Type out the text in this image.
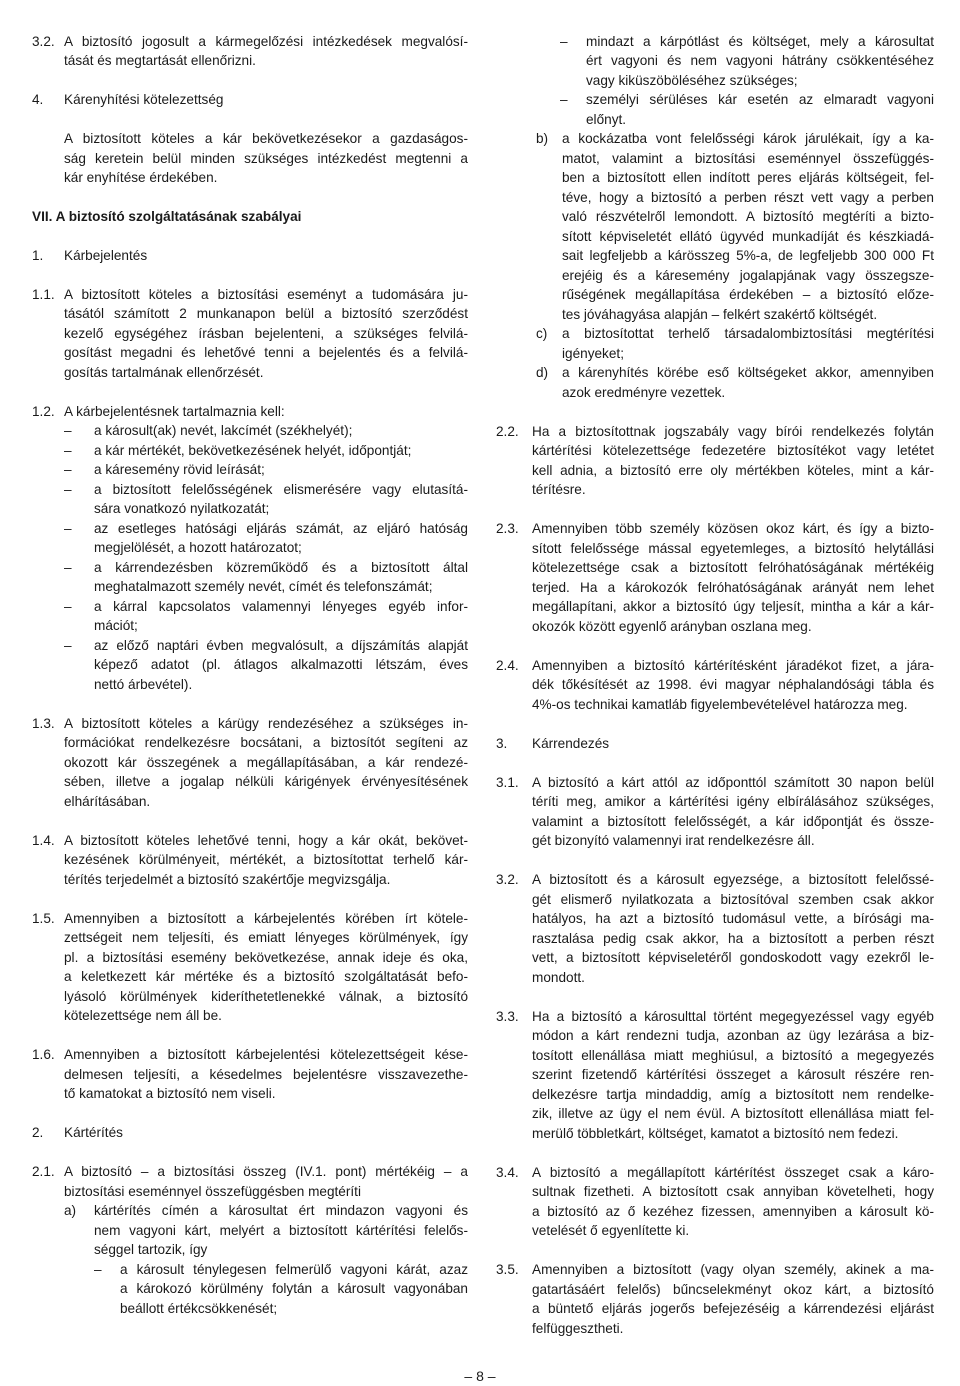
3.2. A biztosító jogosult a kármegelőzési intézkedések megvalósí-
tását és megtartását ellenőrizni.
4. Kárenyhítési kötelezettség
A biztosított köteles a kár bekövetkezésekor a gazdaságos-
ság keretein belül minden szükséges intézkedést megtenni a
kár enyhítése érdekében.
VII. A biztosító szolgáltatásának szabályai
1. Kárbejelentés
1.1. A biztosított köteles a biztosítási eseményt a tudomására ju-
tásától számított 2 munkanapon belül a biztosító szerződést
kezelő egységéhez írásban bejelenteni, a szükséges felvilá-
gosítást megadni és lehetővé tenni a bejelentés és a felvilá-
gosítás tartalmának ellenőrzését.
1.2. A kárbejelentésnek tartalmaznia kell:
– a károsult(ak) nevét, lakcímét (székhelyét);
– a kár mértékét, bekövetkezésének helyét, időpontját;
– a káresemény rövid leírását;
– a biztosított felelősségének elismerésére vagy elutasítá-
sára vonatkozó nyilatkozatát;
– az esetleges hatósági eljárás számát, az eljáró hatóság
megjelölését, a hozott határozatot;
– a kárrendezésben közreműködő és a biztosított által
meghatalmazott személy nevét, címét és telefonszámát;
– a kárral kapcsolatos valamennyi lényeges egyéb infor-
mációt;
– az előző naptári évben megvalósult, a díjszámítás alapját
képező adatot (pl. átlagos alkalmazotti létszám, éves
nettó árbevétel).
1.3. A biztosított köteles a kárügy rendezéséhez a szükséges in-
formációkat rendelkezésre bocsátani, a biztosítót segíteni az
okozott kár összegének a megállapításában, a kár rendezé-
sében, illetve a jogalap nélküli kárigények érvényesítésének
elhárításában.
1.4. A biztosított köteles lehetővé tenni, hogy a kár okát, bekövet-
kezésének körülményeit, mértékét, a biztosítottat terhelő kár-
térítés terjedelmét a biztosító szakértője megvizsgálja.
1.5. Amennyiben a biztosított a kárbejelentés körében írt kötele-
zettségeit nem teljesíti, és emiatt lényeges körülmények, így
pl. a biztosítási esemény bekövetkezése, annak ideje és oka,
a keletkezett kár mértéke és a biztosító szolgáltatását befo-
lyásoló körülmények kideríthetetlenekké válnak, a biztosító
kötelezettsége nem áll be.
1.6. Amennyiben a biztosított kárbejelentési kötelezettségeit kése-
delmesen teljesíti, a késedelmes bejelentésre visszavezethe-
tő kamatokat a biztosító nem viseli.
2. Kártérítés
2.1. A biztosító – a biztosítási összeg (IV.1. pont) mértékéig – a
biztosítási eseménnyel összefüggésben megtéríti
a) kártérítés címén a károsultat ért mindazon vagyoni és
nem vagyoni kárt, melyért a biztosított kártérítési felelős-
séggel tartozik, így
– a károsult ténylegesen felmerülő vagyoni kárát, azaz
a károkozó körülmény folytán a károsult vagyonában
beállott értékcsökkenését;
– mindazt a kárpótlást és költséget, mely a károsultat
ért vagyoni és nem vagyoni hátrány csökkentéséhez
vagy kiküszöböléséhez szükséges;
– személyi sérüléses kár esetén az elmaradt vagyoni
előnyt.
b) a kockázatba vont felelősségi károk járulékait, így a ka-
matot, valamint a biztosítási eseménnyel összefüggés-
ben a biztosított ellen indított peres eljárás költségeit, fel-
téve, hogy a biztosító a perben részt vett vagy a perben
való részvételről lemondott. A biztosító megtéríti a bizto-
sított képviseletét ellátó ügyvéd munkadíját és készkiadá-
sait legfeljebb a kárösszeg 5%-a, de legfeljebb 300 000 Ft
erejéig és a káresemény jogalapjának vagy összegsze-
rűségének megállapítása érdekében – a biztosító előze-
tes jóváhagyása alapján – felkért szakértő költségét.
c) a biztosítottat terhelő társadalombiztosítási megtérítési
igényeket;
d) a kárenyhítés körébe eső költségeket akkor, amennyiben
azok eredményre vezettek.
2.2. Ha a biztosítottnak jogszabály vagy bírói rendelkezés folytán
kártérítési kötelezettsége fedezetére biztosítékot vagy letétet
kell adnia, a biztosító erre oly mértékben köteles, mint a kár-
térítésre.
2.3. Amennyiben több személy közösen okoz kárt, és így a bizto-
sított felelőssége mással egyetemleges, a biztosító helytállási
kötelezettsége csak a biztosított felróhatóságának mértékéig
terjed. Ha a károkozók felróhatóságának arányát nem lehet
megállapítani, akkor a biztosító úgy teljesít, mintha a kár a kár-
okozók között egyenlő arányban oszlana meg.
2.4. Amennyiben a biztosító kártérítésként járadékot fizet, a jára-
dék tőkésítését az 1998. évi magyar néphalandósági tábla és
4%-os technikai kamatláb figyelembevételével határozza meg.
3. Kárrendezés
3.1. A biztosító a kárt attól az időponttól számított 30 napon belül
téríti meg, amikor a kártérítési igény elbírálásához szükséges,
valamint a biztosított felelősségét, a kár időpontját és össze-
gét bizonyító valamennyi irat rendelkezésre áll.
3.2. A biztosított és a károsult egyezsége, a biztosított felelőssé-
gét elismerő nyilatkozata a biztosítóval szemben csak akkor
hatályos, ha azt a biztosító tudomásul vette, a bírósági ma-
rasztalása pedig csak akkor, ha a biztosított a perben részt
vett, a biztosított képviseletéről gondoskodott vagy ezekről le-
mondott.
3.3. Ha a biztosító a károsulttal történt megegyezéssel vagy egyéb
módon a kárt rendezni tudja, azonban az ügy lezárása a biz-
tosított ellenállása miatt meghiúsul, a biztosító a megegyezés
szerint fizetendő kártérítési összeget a károsult részére ren-
delkezésre tartja mindaddig, amíg a biztosított nem rendelke-
zik, illetve az ügy el nem évül. A biztosított ellenállása miatt fel-
merülő többletkárt, költséget, kamatot a biztosító nem fedezi.
3.4. A biztosító a megállapított kártérítést összeget csak a káro-
sultnak fizetheti. A biztosított csak annyiban követelheti, hogy
a biztosító az ő kezéhez fizessen, amennyiben a károsult kö-
vetelését ő egyenlítette ki.
3.5. Amennyiben a biztosított (vagy olyan személy, akinek a ma-
gatartásáért felelős) bűncselekményt okoz kárt, a biztosító
a büntető eljárás jogerős befejezéséig a kárrendezési eljárást
felfüggesztheti.
– 8 –
